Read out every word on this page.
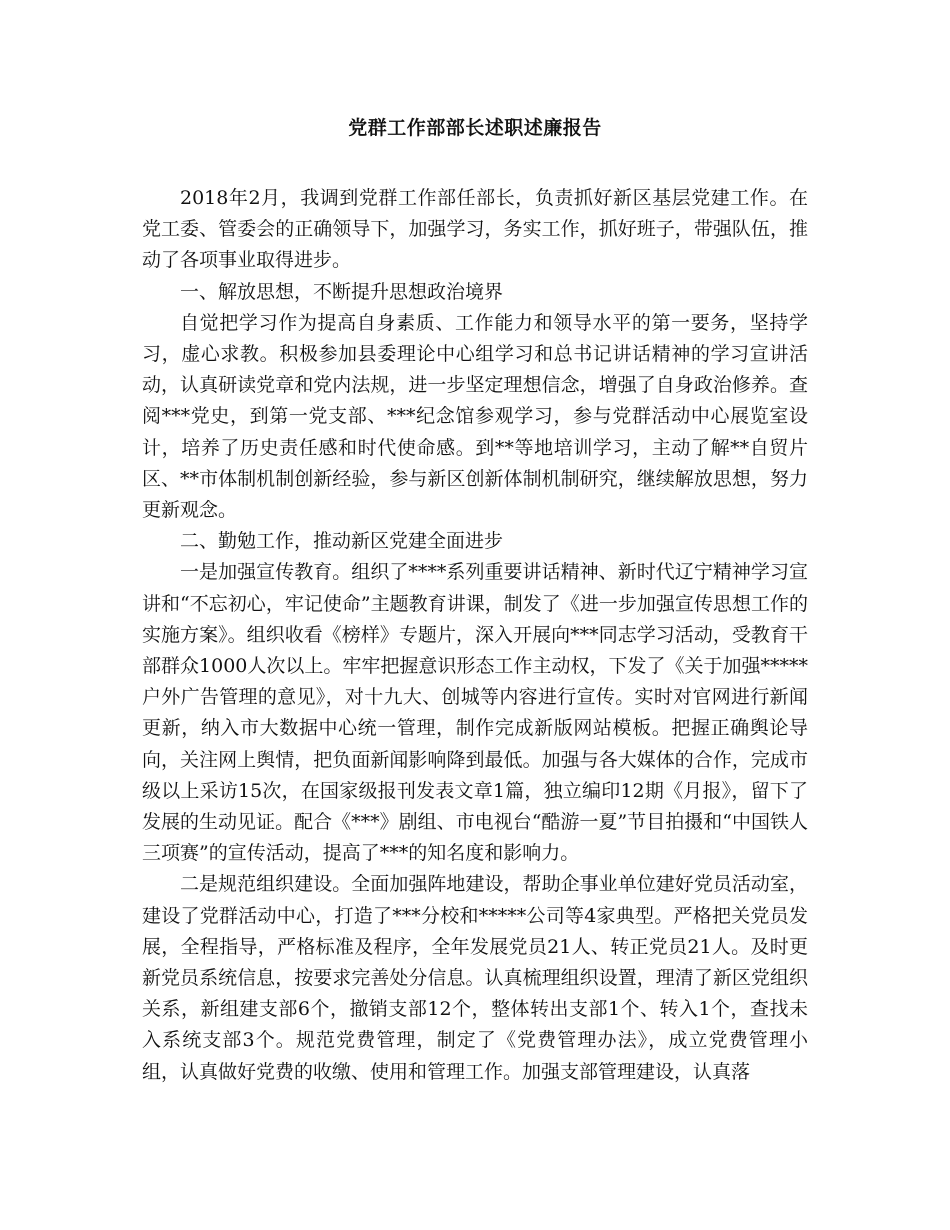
党群工作部部长述职述廉报告

2018年2月，我调到党群工作部任部长，负责抓好新区基层党建工作。在党工委、管委会的正确领导下，加强学习，务实工作，抓好班子，带强队伍，推动了各项事业取得进步。

一、解放思想，不断提升思想政治境界

自觉把学习作为提高自身素质、工作能力和领导水平的第一要务，坚持学习，虚心求教。积极参加县委理论中心组学习和总书记讲话精神的学习宣讲活动，认真研读党章和党内法规，进一步坚定理想信念，增强了自身政治修养。查阅***党史，到第一党支部、***纪念馆参观学习，参与党群活动中心展览室设计，培养了历史责任感和时代使命感。到**等地培训学习，主动了解**自贸片区、**市体制机制创新经验，参与新区创新体制机制研究，继续解放思想，努力更新观念。

二、勤勉工作，推动新区党建全面进步

一是加强宣传教育。组织了****系列重要讲话精神、新时代辽宁精神学习宣讲和“不忘初心，牢记使命”主题教育讲课，制发了《进一步加强宣传思想工作的实施方案》。组织收看《榜样》专题片，深入开展向***同志学习活动，受教育干部群众1000人次以上。牢牢把握意识形态工作主动权，下发了《关于加强*****户外广告管理的意见》，对十九大、创城等内容进行宣传。实时对官网进行新闻更新，纳入市大数据中心统一管理，制作完成新版网站模板。把握正确舆论导向，关注网上舆情，把负面新闻影响降到最低。加强与各大媒体的合作，完成市级以上采访15次，在国家级报刊发表文章1篇，独立编印12期《月报》，留下了发展的生动见证。配合《***》剧组、市电视台“酷游一夏”节目拍摄和“中国铁人三项赛”的宣传活动，提高了***的知名度和影响力。

二是规范组织建设。全面加强阵地建设，帮助企事业单位建好党员活动室，建设了党群活动中心，打造了***分校和*****公司等4家典型。严格把关党员发展，全程指导，严格标准及程序，全年发展党员21人、转正党员21人。及时更新党员系统信息，按要求完善处分信息。认真梳理组织设置，理清了新区党组织关系，新组建支部6个，撤销支部12个，整体转出支部1个、转入1个，查找未入系统支部3个。规范党费管理，制定了《党费管理办法》，成立党费管理小组，认真做好党费的收缴、使用和管理工作。加强支部管理建设，认真落
